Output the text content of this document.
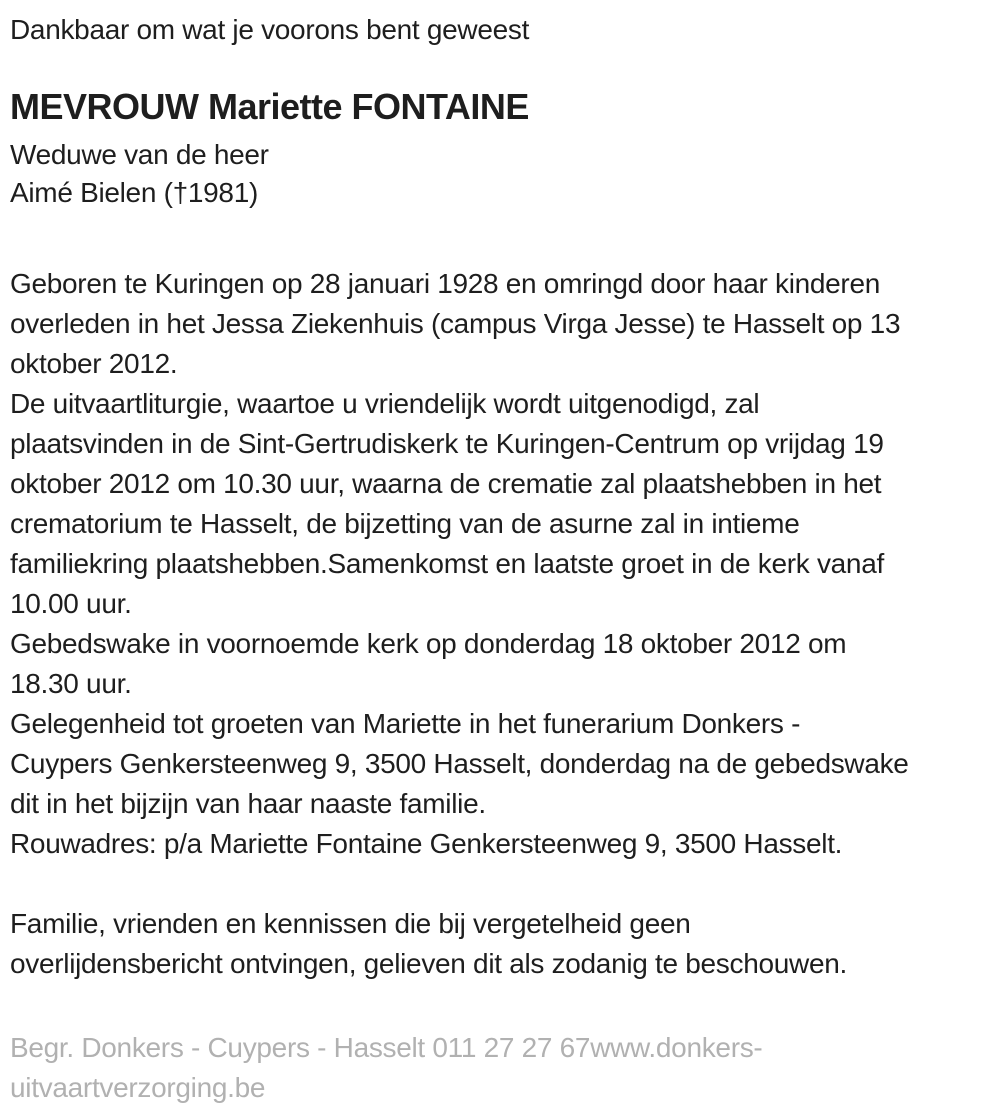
Dankbaar om wat je voorons bent geweest
MEVROUW Mariette FONTAINE
Weduwe van de heer
Aimé Bielen (†1981)
Geboren te Kuringen op 28 januari 1928 en omringd door haar kinderen
overleden in het Jessa Ziekenhuis (campus Virga Jesse) te Hasselt op 13
oktober 2012.
De uitvaartliturgie, waartoe u vriendelijk wordt uitgenodigd, zal
plaatsvinden in de Sint-Gertrudiskerk te Kuringen-Centrum op vrijdag 19
oktober 2012 om 10.30 uur, waarna de crematie zal plaatshebben in het
crematorium te Hasselt, de bijzetting van de asurne zal in intieme
familiekring plaatshebben.Samenkomst en laatste groet in de kerk vanaf
10.00 uur.
Gebedswake in voornoemde kerk op donderdag 18 oktober 2012 om
18.30 uur.
Gelegenheid tot groeten van Mariette in het funerarium Donkers -
Cuypers Genkersteenweg 9, 3500 Hasselt, donderdag na de gebedswake
dit in het bijzijn van haar naaste familie.
Rouwadres: p/a Mariette Fontaine Genkersteenweg 9, 3500 Hasselt.
Familie, vrienden en kennissen die bij vergetelheid geen
overlijdensbericht ontvingen, gelieven dit als zodanig te beschouwen.
Begr. Donkers - Cuypers - Hasselt 011 27 27 67www.donkers-
uitvaartverzorging.be
